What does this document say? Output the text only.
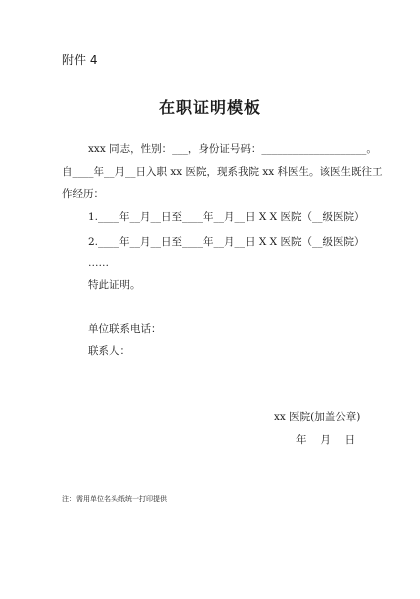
附件 4
在职证明模板
xxx 同志，性别：___，身份证号码：____________________。
自____年__月__日入职 xx 医院，现系我院 xx 科医生。该医生既往工
作经历：
1.____年__月__日至____年__月__日 X X 医院（__级医院）
2.____年__月__日至____年__月__日 X X 医院（__级医院）
……
特此证明。
单位联系电话：
联系人：
xx 医院(加盖公章)
年　 月　 日
注：需用单位名头纸统一打印提供
